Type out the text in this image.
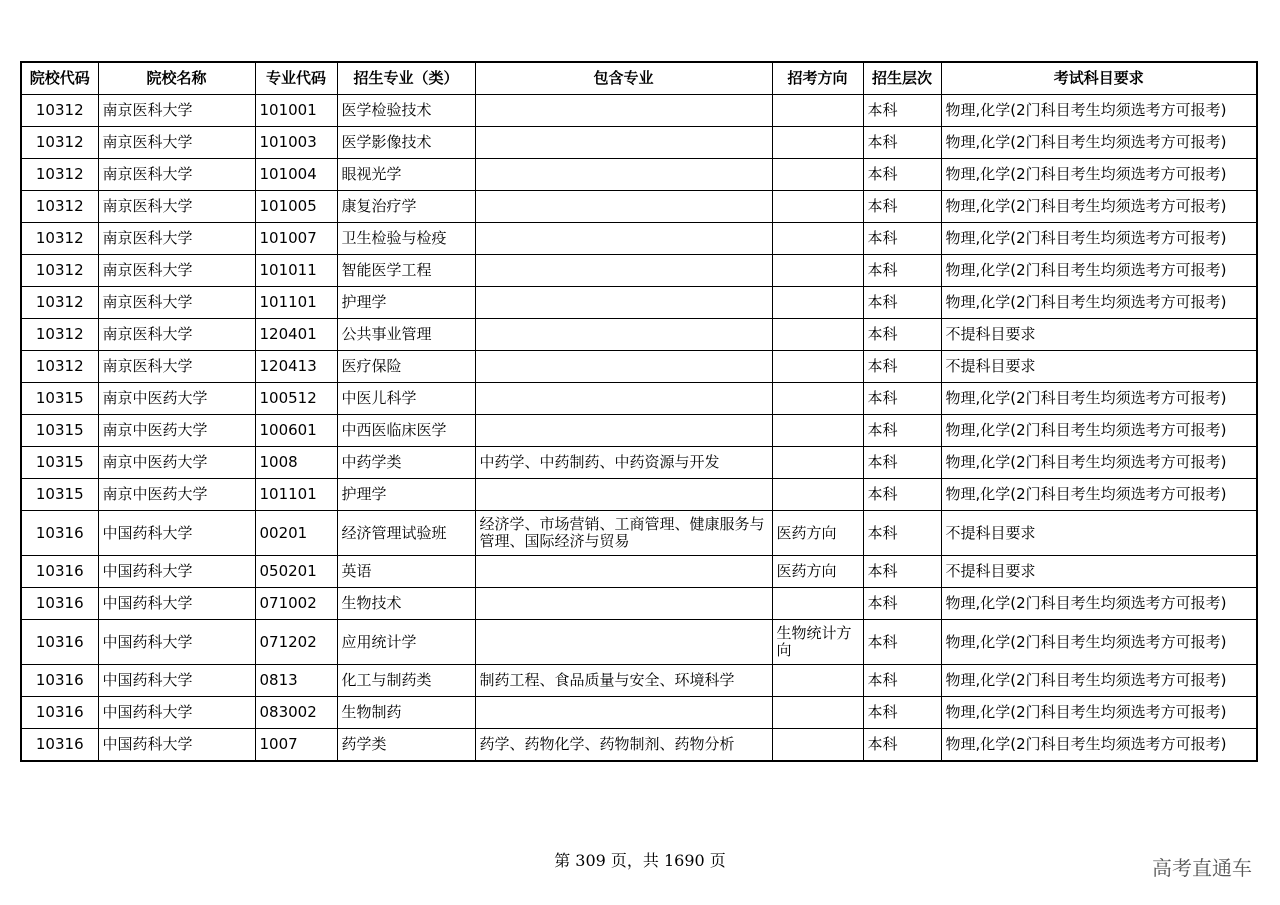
院校代码	院校名称	专业代码	招生专业（类）	包含专业	招考方向	招生层次	考试科目要求
10312	南京医科大学	101001	医学检验技术			本科	物理,化学(2门科目考生均须选考方可报考)
10312	南京医科大学	101003	医学影像技术			本科	物理,化学(2门科目考生均须选考方可报考)
10312	南京医科大学	101004	眼视光学			本科	物理,化学(2门科目考生均须选考方可报考)
10312	南京医科大学	101005	康复治疗学			本科	物理,化学(2门科目考生均须选考方可报考)
10312	南京医科大学	101007	卫生检验与检疫			本科	物理,化学(2门科目考生均须选考方可报考)
10312	南京医科大学	101011	智能医学工程			本科	物理,化学(2门科目考生均须选考方可报考)
10312	南京医科大学	101101	护理学			本科	物理,化学(2门科目考生均须选考方可报考)
10312	南京医科大学	120401	公共事业管理			本科	不提科目要求
10312	南京医科大学	120413	医疗保险			本科	不提科目要求
10315	南京中医药大学	100512	中医儿科学			本科	物理,化学(2门科目考生均须选考方可报考)
10315	南京中医药大学	100601	中西医临床医学			本科	物理,化学(2门科目考生均须选考方可报考)
10315	南京中医药大学	1008	中药学类	中药学、中药制药、中药资源与开发		本科	物理,化学(2门科目考生均须选考方可报考)
10315	南京中医药大学	101101	护理学			本科	物理,化学(2门科目考生均须选考方可报考)
10316	中国药科大学	00201	经济管理试验班	经济学、市场营销、工商管理、健康服务与管理、国际经济与贸易	医药方向	本科	不提科目要求
10316	中国药科大学	050201	英语		医药方向	本科	不提科目要求
10316	中国药科大学	071002	生物技术			本科	物理,化学(2门科目考生均须选考方可报考)
10316	中国药科大学	071202	应用统计学		生物统计方向	本科	物理,化学(2门科目考生均须选考方可报考)
10316	中国药科大学	0813	化工与制药类	制药工程、食品质量与安全、环境科学		本科	物理,化学(2门科目考生均须选考方可报考)
10316	中国药科大学	083002	生物制药			本科	物理,化学(2门科目考生均须选考方可报考)
10316	中国药科大学	1007	药学类	药学、药物化学、药物制剂、药物分析		本科	物理,化学(2门科目考生均须选考方可报考)
第 309 页，共 1690 页	高考直通车
